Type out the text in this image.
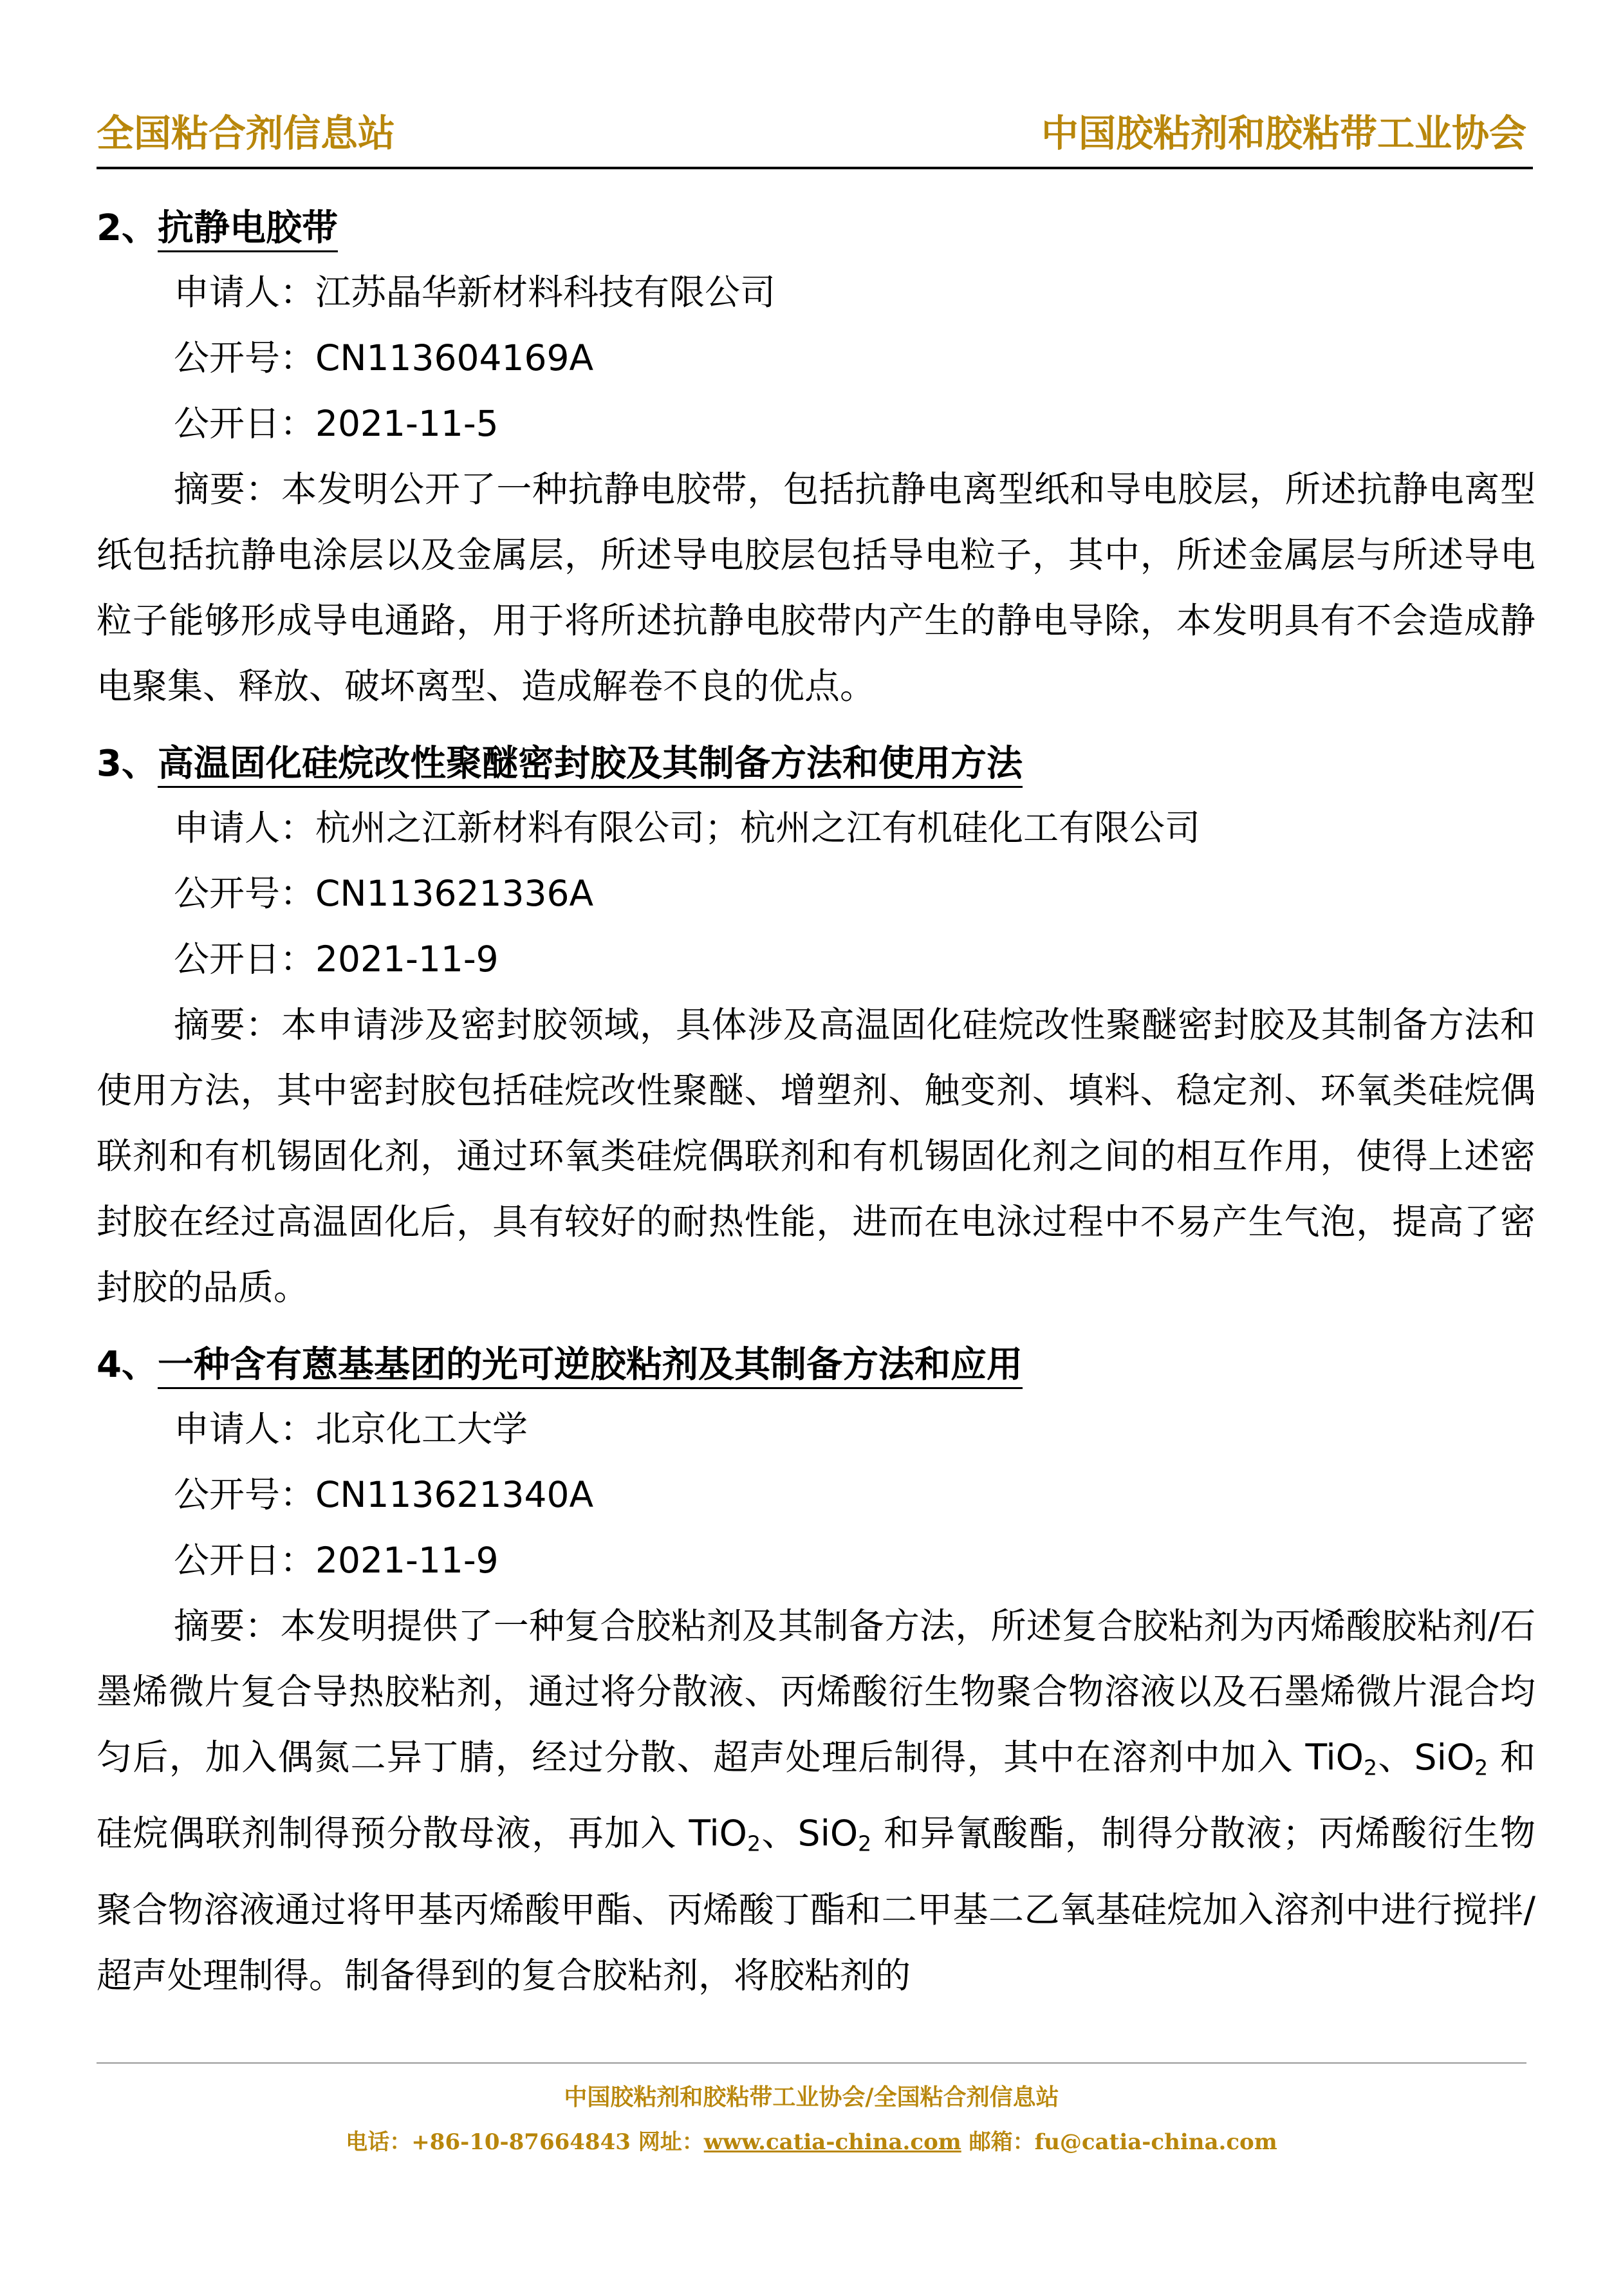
全国粘合剂信息站	中国胶粘剂和胶粘带工业协会
2、抗静电胶带
申请人：江苏晶华新材料科技有限公司
公开号：CN113604169A
公开日：2021-11-5

摘要：本发明公开了一种抗静电胶带，包括抗静电离型纸和导电胶层，所述抗静电离型纸包括抗静电涂层以及金属层，所述导电胶层包括导电粒子，其中，所述金属层与所述导电粒子能够形成导电通路，用于将所述抗静电胶带内产生的静电导除，本发明具有不会造成静电聚集、释放、破坏离型、造成解卷不良的优点。

3、高温固化硅烷改性聚醚密封胶及其制备方法和使用方法
申请人：杭州之江新材料有限公司；杭州之江有机硅化工有限公司
公开号：CN113621336A
公开日：2021-11-9

摘要：本申请涉及密封胶领域，具体涉及高温固化硅烷改性聚醚密封胶及其制备方法和使用方法，其中密封胶包括硅烷改性聚醚、增塑剂、触变剂、填料、稳定剂、环氧类硅烷偶联剂和有机锡固化剂，通过环氧类硅烷偶联剂和有机锡固化剂之间的相互作用，使得上述密封胶在经过高温固化后，具有较好的耐热性能，进而在电泳过程中不易产生气泡，提高了密封胶的品质。

4、一种含有蒽基基团的光可逆胶粘剂及其制备方法和应用
申请人：北京化工大学
公开号：CN113621340A
公开日：2021-11-9

摘要：本发明提供了一种复合胶粘剂及其制备方法，所述复合胶粘剂为丙烯酸胶粘剂/石墨烯微片复合导热胶粘剂，通过将分散液、丙烯酸衍生物聚合物溶液以及石墨烯微片混合均匀后，加入偶氮二异丁腈，经过分散、超声处理后制得，其中在溶剂中加入 TiO$_2$、SiO$_2$ 和硅烷偶联剂制得预分散母液，再加入 TiO$_2$、SiO$_2$ 和异氰酸酯，制得分散液；丙烯酸衍生物聚合物溶液通过将甲基丙烯酸甲酯、丙烯酸丁酯和二甲基二乙氧基硅烷加入溶剂中进行搅拌/超声处理制得。制备得到的复合胶粘剂，将胶粘剂的

中国胶粘剂和胶粘带工业协会/全国粘合剂信息站
电话：+86-10-87664843 网址：www.catia-china.com 邮箱：fu@catia-china.com
